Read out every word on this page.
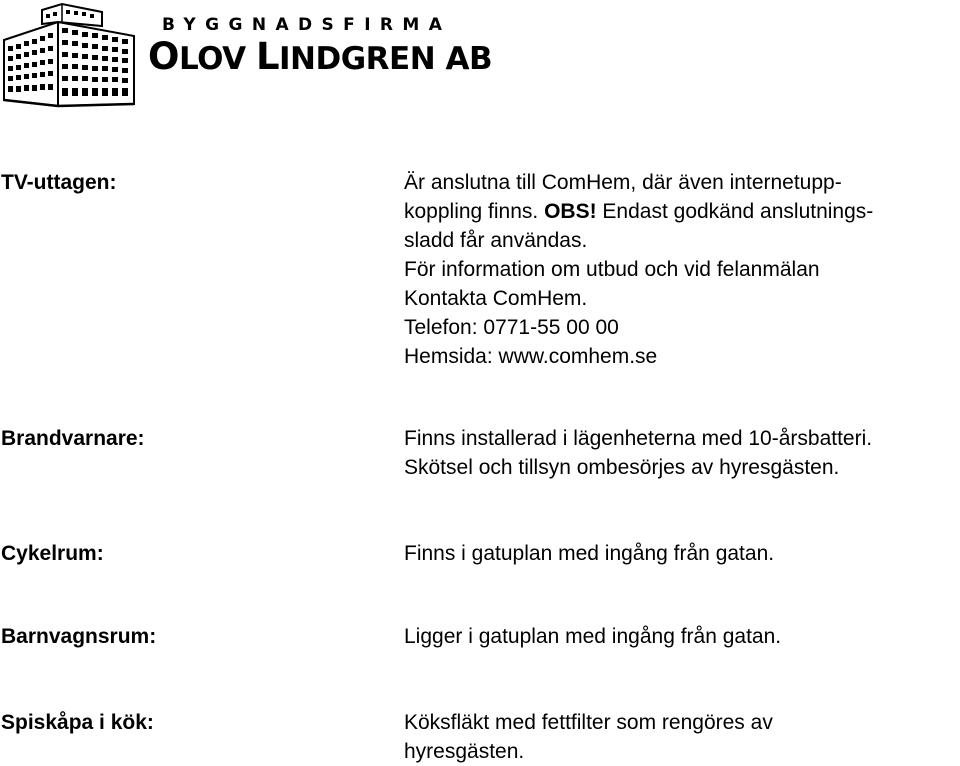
BYGGNADSFIRMA
OLOV LINDGREN AB
TV-uttagen:	Är anslutna till ComHem, där även internetupp-
koppling finns. OBS! Endast godkänd anslutnings-
sladd får användas.
För information om utbud och vid felanmälan
Kontakta ComHem.
Telefon: 0771-55 00 00
Hemsida: www.comhem.se
Brandvarnare:	Finns installerad i lägenheterna med 10-årsbatteri.
Skötsel och tillsyn ombesörjes av hyresgästen.
Cykelrum:	Finns i gatuplan med ingång från gatan.
Barnvagnsrum:	Ligger i gatuplan med ingång från gatan.
Spiskåpa i kök:	Köksfläkt med fettfilter som rengöres av
hyresgästen.
